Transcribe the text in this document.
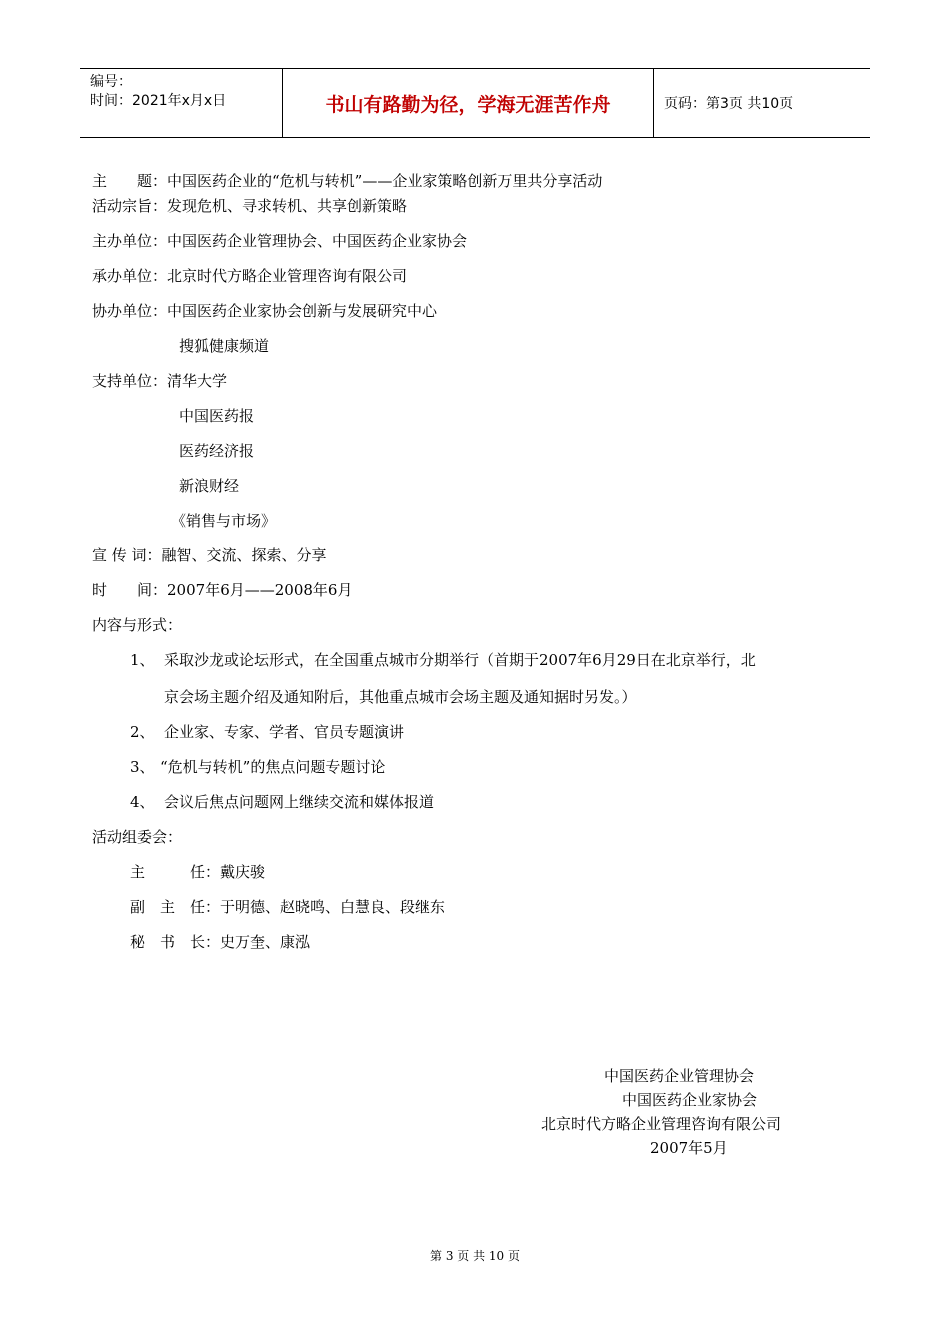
编号：
时间：2021年x月x日	书山有路勤为径，学海无涯苦作舟	页码：第3页 共10页
主　　题：中国医药企业的“危机与转机”——企业家策略创新万里共分享活动
活动宗旨：发现危机、寻求转机、共享创新策略
主办单位：中国医药企业管理协会、中国医药企业家协会
承办单位：北京时代方略企业管理咨询有限公司
协办单位：中国医药企业家协会创新与发展研究中心
搜狐健康频道
支持单位：清华大学
中国医药报
医药经济报
新浪财经
《销售与市场》
宣 传 词：融智、交流、探索、分享
时　　间：2007年6月——2008年6月
内容与形式：
1、 采取沙龙或论坛形式，在全国重点城市分期举行（首期于2007年6月29日在北京举行，北
京会场主题介绍及通知附后，其他重点城市会场主题及通知据时另发。）
2、 企业家、专家、学者、官员专题演讲
3、 “危机与转机”的焦点问题专题讨论
4、 会议后焦点问题网上继续交流和媒体报道
活动组委会：
主　　　任：戴庆骏
副　主　任：于明德、赵晓鸣、白慧良、段继东
秘　书　长：史万奎、康泓
中国医药企业管理协会
中国医药企业家协会
北京时代方略企业管理咨询有限公司
2007年5月
第 3 页 共 10 页
